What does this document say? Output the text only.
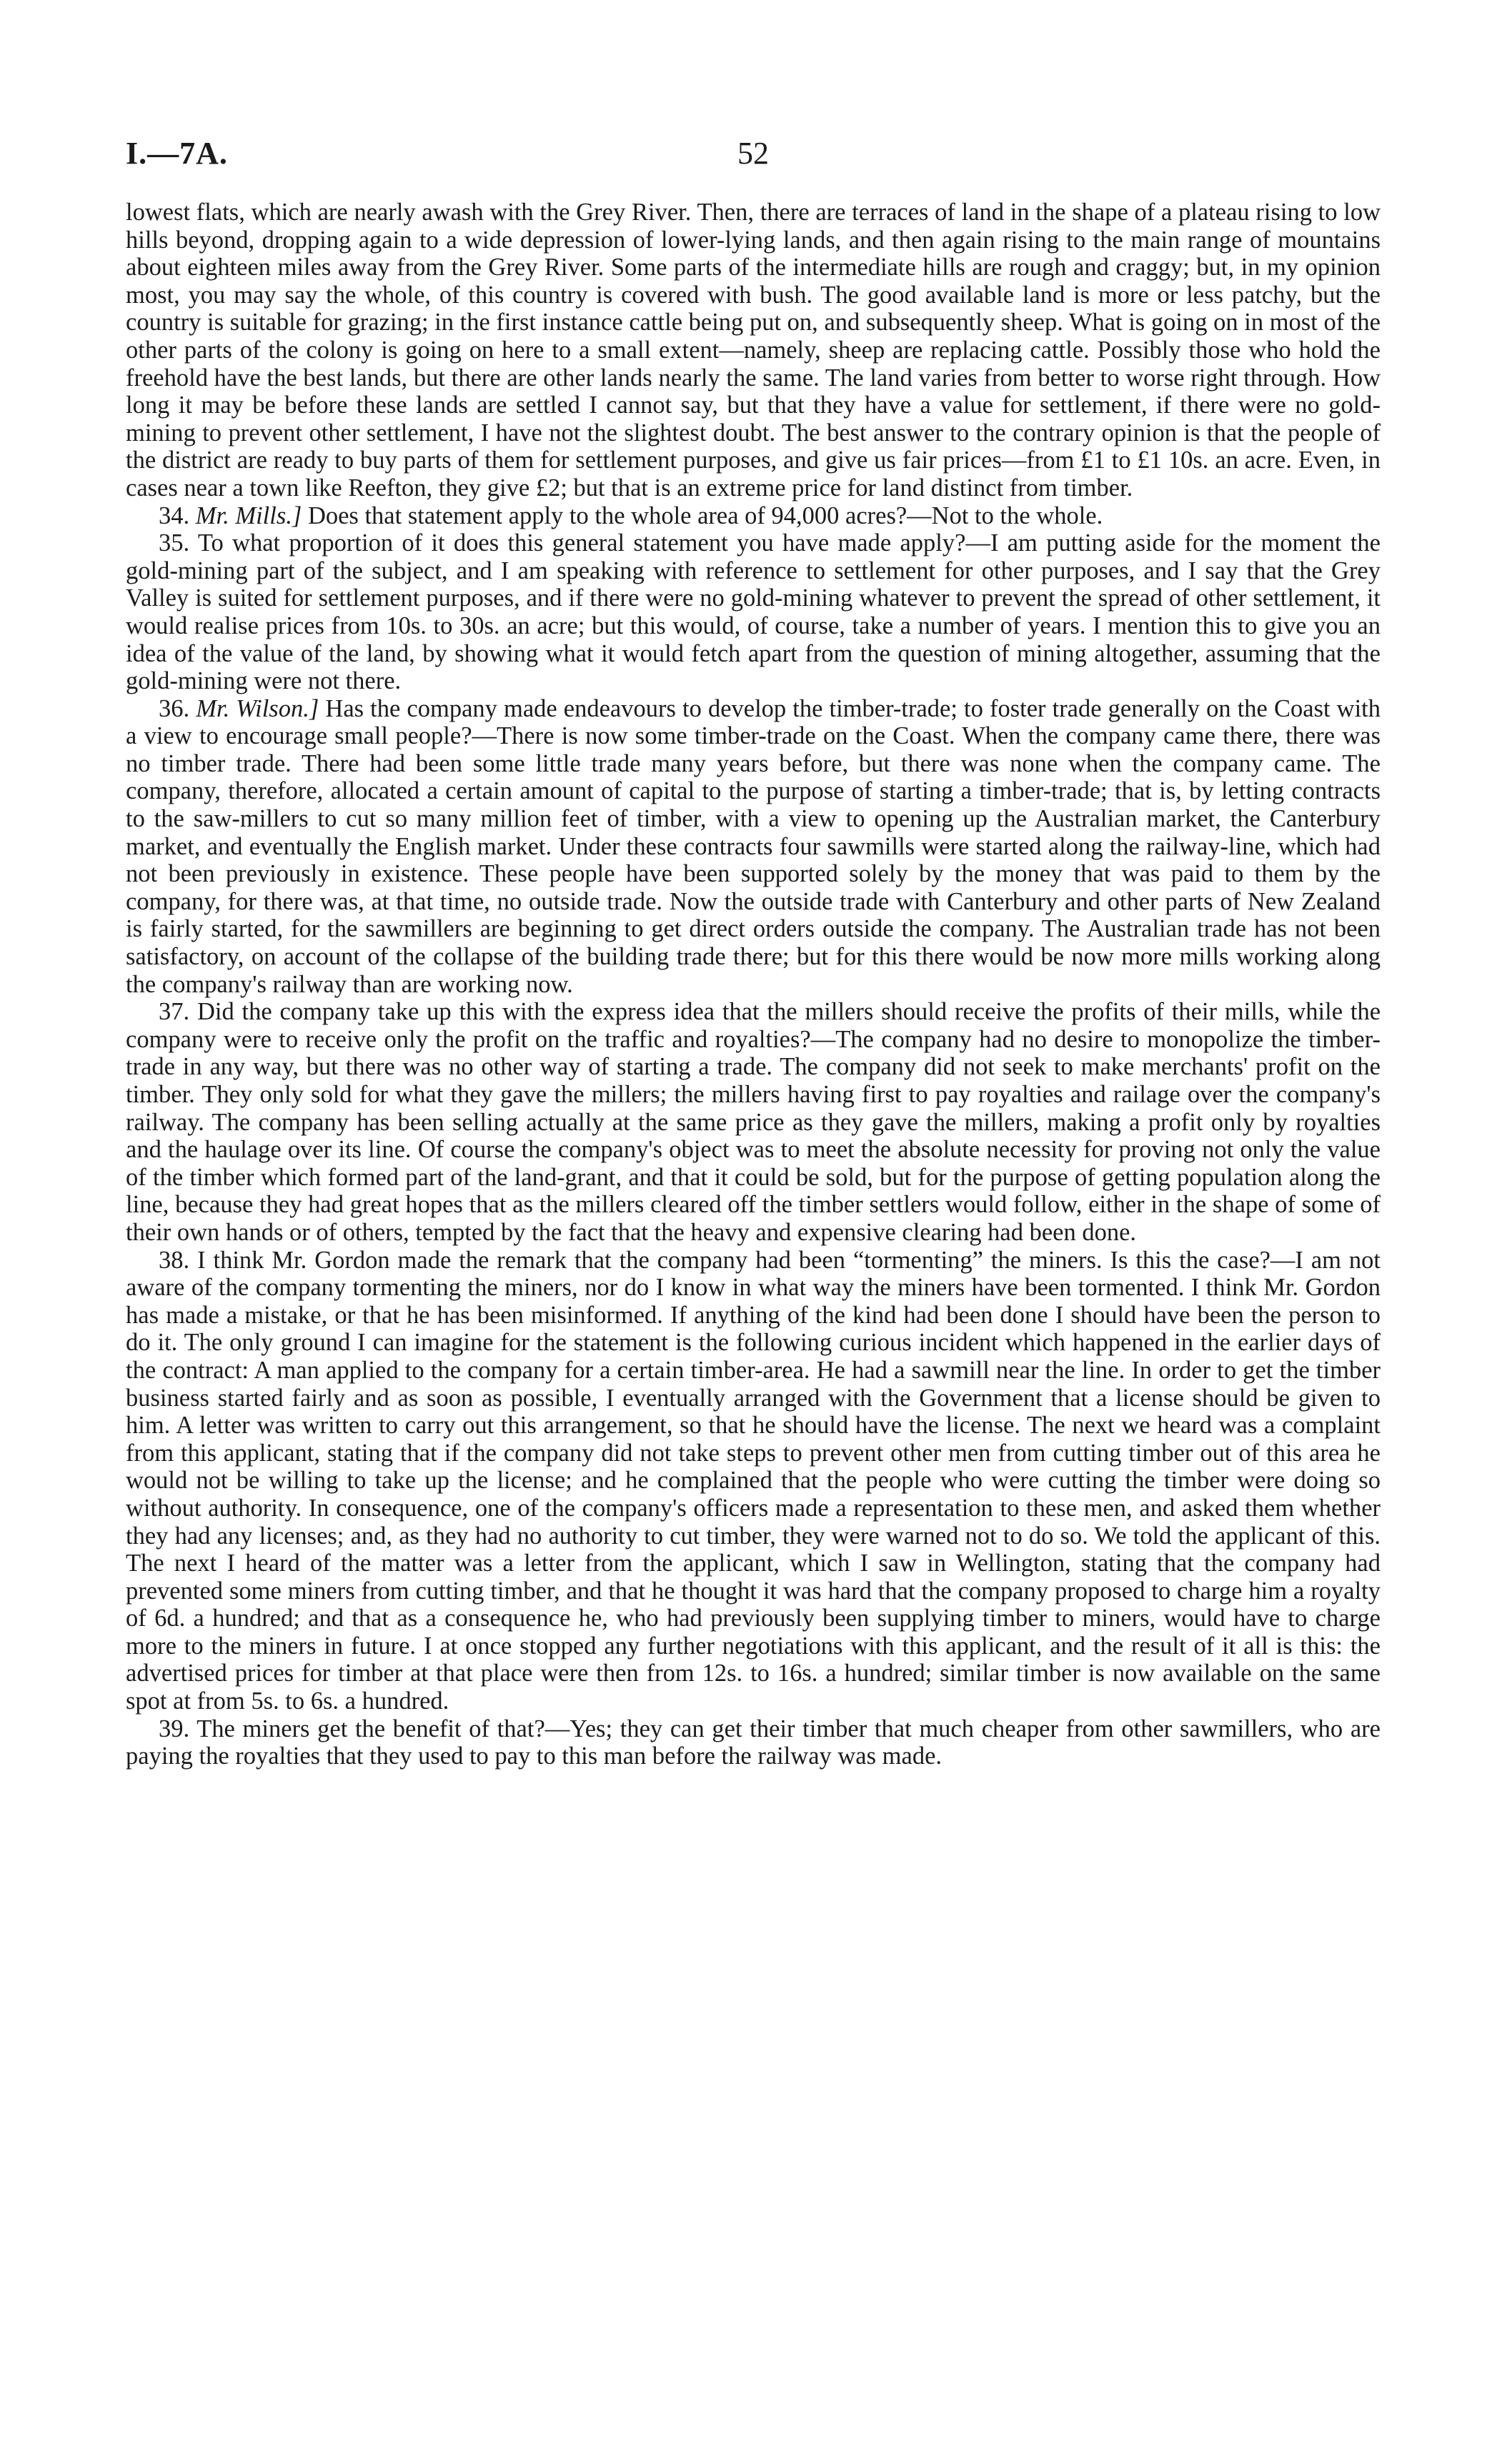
I.—7A.	52

lowest flats, which are nearly awash with the Grey River. Then, there are terraces of land in the shape of a plateau rising to low hills beyond, dropping again to a wide depression of lower-lying lands, and then again rising to the main range of mountains about eighteen miles away from the Grey River. Some parts of the intermediate hills are rough and craggy; but, in my opinion most, you may say the whole, of this country is covered with bush. The good available land is more or less patchy, but the country is suitable for grazing; in the first instance cattle being put on, and subsequently sheep. What is going on in most of the other parts of the colony is going on here to a small extent—namely, sheep are replacing cattle. Possibly those who hold the freehold have the best lands, but there are other lands nearly the same. The land varies from better to worse right through. How long it may be before these lands are settled I cannot say, but that they have a value for settlement, if there were no gold-mining to prevent other settlement, I have not the slightest doubt. The best answer to the contrary opinion is that the people of the district are ready to buy parts of them for settlement purposes, and give us fair prices—from £1 to £1 10s. an acre. Even, in cases near a town like Reefton, they give £2; but that is an extreme price for land distinct from timber.

34. Mr. Mills.] Does that statement apply to the whole area of 94,000 acres?—Not to the whole.

35. To what proportion of it does this general statement you have made apply?—I am putting aside for the moment the gold-mining part of the subject, and I am speaking with reference to settlement for other purposes, and I say that the Grey Valley is suited for settlement purposes, and if there were no gold-mining whatever to prevent the spread of other settlement, it would realise prices from 10s. to 30s. an acre; but this would, of course, take a number of years. I mention this to give you an idea of the value of the land, by showing what it would fetch apart from the question of mining altogether, assuming that the gold-mining were not there.

36. Mr. Wilson.] Has the company made endeavours to develop the timber-trade; to foster trade generally on the Coast with a view to encourage small people?—There is now some timber-trade on the Coast. When the company came there, there was no timber trade. There had been some little trade many years before, but there was none when the company came. The company, therefore, allocated a certain amount of capital to the purpose of starting a timber-trade; that is, by letting contracts to the saw-millers to cut so many million feet of timber, with a view to opening up the Australian market, the Canterbury market, and eventually the English market. Under these contracts four sawmills were started along the railway-line, which had not been previously in existence. These people have been supported solely by the money that was paid to them by the company, for there was, at that time, no outside trade. Now the outside trade with Canterbury and other parts of New Zealand is fairly started, for the sawmillers are beginning to get direct orders outside the company. The Australian trade has not been satisfactory, on account of the collapse of the building trade there; but for this there would be now more mills working along the company's railway than are working now.

37. Did the company take up this with the express idea that the millers should receive the profits of their mills, while the company were to receive only the profit on the traffic and royalties?—The company had no desire to monopolize the timber-trade in any way, but there was no other way of starting a trade. The company did not seek to make merchants' profit on the timber. They only sold for what they gave the millers; the millers having first to pay royalties and railage over the company's railway. The company has been selling actually at the same price as they gave the millers, making a profit only by royalties and the haulage over its line. Of course the company's object was to meet the absolute necessity for proving not only the value of the timber which formed part of the land-grant, and that it could be sold, but for the purpose of getting population along the line, because they had great hopes that as the millers cleared off the timber settlers would follow, either in the shape of some of their own hands or of others, tempted by the fact that the heavy and expensive clearing had been done.

38. I think Mr. Gordon made the remark that the company had been “tormenting” the miners. Is this the case?—I am not aware of the company tormenting the miners, nor do I know in what way the miners have been tormented. I think Mr. Gordon has made a mistake, or that he has been misinformed. If anything of the kind had been done I should have been the person to do it. The only ground I can imagine for the statement is the following curious incident which happened in the earlier days of the contract: A man applied to the company for a certain timber-area. He had a sawmill near the line. In order to get the timber business started fairly and as soon as possible, I eventually arranged with the Government that a license should be given to him. A letter was written to carry out this arrangement, so that he should have the license. The next we heard was a complaint from this applicant, stating that if the company did not take steps to prevent other men from cutting timber out of this area he would not be willing to take up the license; and he complained that the people who were cutting the timber were doing so without authority. In consequence, one of the company's officers made a representation to these men, and asked them whether they had any licenses; and, as they had no authority to cut timber, they were warned not to do so. We told the applicant of this. The next I heard of the matter was a letter from the applicant, which I saw in Wellington, stating that the company had prevented some miners from cutting timber, and that he thought it was hard that the company proposed to charge him a royalty of 6d. a hundred; and that as a consequence he, who had previously been supplying timber to miners, would have to charge more to the miners in future. I at once stopped any further negotiations with this applicant, and the result of it all is this: the advertised prices for timber at that place were then from 12s. to 16s. a hundred; similar timber is now available on the same spot at from 5s. to 6s. a hundred.

39. The miners get the benefit of that?—Yes; they can get their timber that much cheaper from other sawmillers, who are paying the royalties that they used to pay to this man before the railway was made.
